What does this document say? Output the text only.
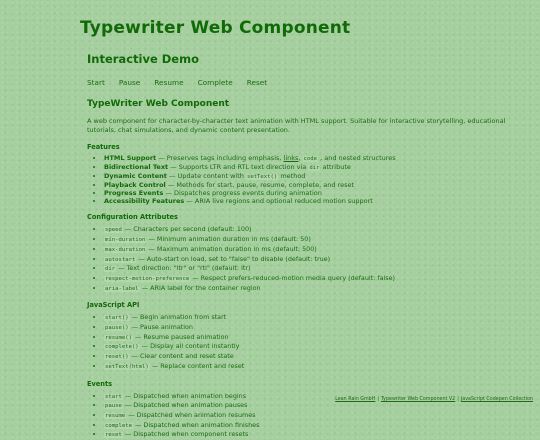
Typewriter Web Component
Interactive Demo
Start Pause Resume Complete Reset
TypeWriter Web Component

A web component for character-by-character text animation with HTML support. Suitable for interactive storytelling, educational tutorials, chat simulations, and dynamic content presentation.

Features
• HTML Support — Preserves tags including emphasis, links, code , and nested structures
• Bidirectional Text — Supports LTR and RTL text direction via dir attribute
• Dynamic Content — Update content with setText() method
• Playback Control — Methods for start, pause, resume, complete, and reset
• Progress Events — Dispatches progress events during animation
• Accessibility Features — ARIA live regions and optional reduced motion support
Configuration Attributes
• speed — Characters per second (default: 100)
• min-duration — Minimum animation duration in ms (default: 50)
• max-duration — Maximum animation duration in ms (default: 500)
• autostart — Auto-start on load, set to "false" to disable (default: true)
• dir — Text direction: "ltr" or "rtl" (default: ltr)
• respect-motion-preference — Respect prefers-reduced-motion media query (default: false)
• aria-label — ARIA label for the container region
JavaScript API
• start() — Begin animation from start
• pause() — Pause animation
• resume() — Resume paused animation
• complete() — Display all content instantly
• reset() — Clear content and reset state
• setText(html) — Replace content and reset
Events
• start — Dispatched when animation begins
• pause — Dispatched when animation pauses
• resume — Dispatched when animation resumes
• complete — Dispatched when animation finishes
• reset — Dispatched when component resets
Lean Rain GmbH | Typewriter Web Component V2 | JavaScript Codepen Collection
